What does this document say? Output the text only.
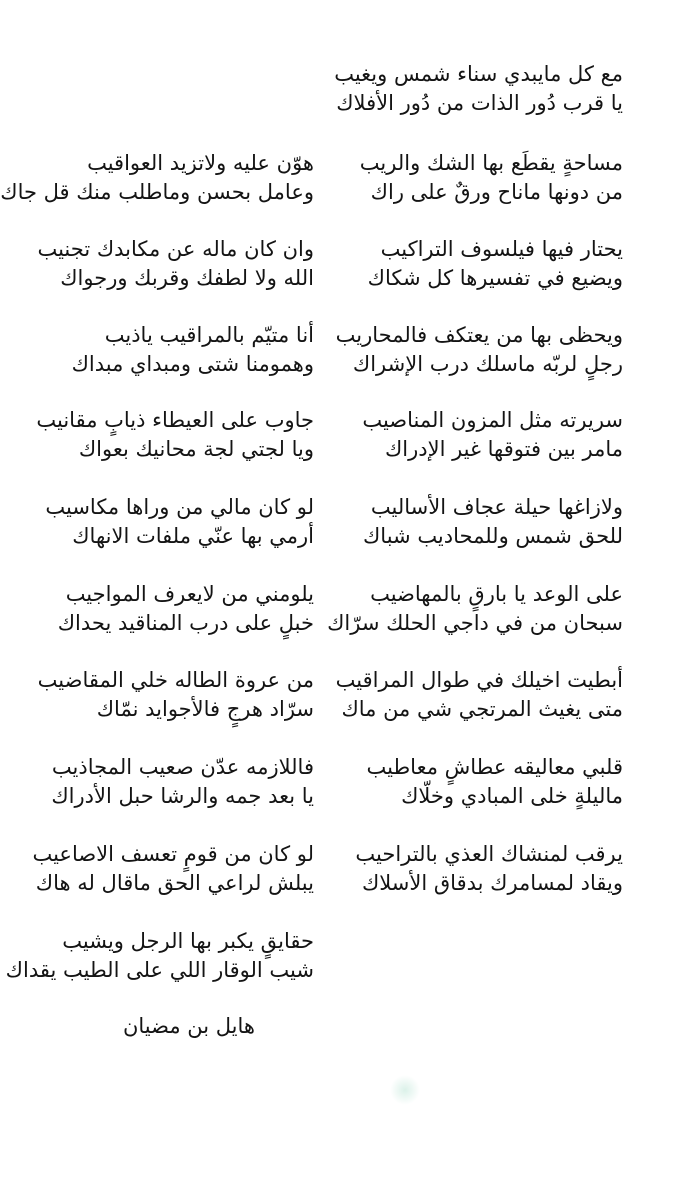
مع كل مايبدي سناء شمس ويغيب
يا قرب دُور الذات من دُور الأفلاك
مساحةٍ يقطَع بها الشك والريب
من دونها ماناح ورقٌ على راك
يحتار فيها فيلسوف التراكيب
ويضيع في تفسيرها كل شكاك
ويحظى بها من يعتكف فالمحاريب
رجلٍ لربّه ماسلك درب الإشراك
سريرته مثل المزون المناصيب
مامر بين فتوقها غير الإدراك
ولازاغها حيلة عجاف الأساليب
للحق شمس وللمحاديب شباك
على الوعد يا بارقٍ بالمهاضيب
سبحان من في داجي الحلك سرّاك
أبطيت اخيلك في طوال المراقيب
متى يغيث المرتجي شي من ماك
قلبي معاليقه عطاشٍ معاطيب
ماليلةٍ خلى المبادي وخلّاك
يرقب لمنشاك العذي بالتراحيب
ويقاد لمسامرك بدقاق الأسلاك
هوّن عليه ولاتزيد العواقيب
وعامل بحسن وماطلب منك قل جاك
وان كان ماله عن مكابدك تجنيب
الله ولا لطفك وقربك ورجواك
أنا متيّم بالمراقيب ياذيب
وهمومنا شتى ومبداي مبداك
جاوب على العيطاء ذيابٍ مقانيب
ويا لجتي لجة محانيك بعواك
لو كان مالي من وراها مكاسيب
أرمي بها عنّي ملفات الانهاك
يلومني من لايعرف المواجيب
خبلٍ على درب المناقيد يحداك
من عروة الطاله خلي المقاضيب
سرّاد هرجٍ فالأجوايد نمّاك
فاللازمه عدّن صعيب المجاذيب
يا بعد جمه والرشا حبل الأدراك
لو كان من قومٍ تعسف الاصاعيب
يبلش لراعي الحق ماقال له هاك
حقايقٍ يكبر بها الرجل ويشيب
شيب الوقار اللي على الطيب يقداك
هايل بن مضيان
